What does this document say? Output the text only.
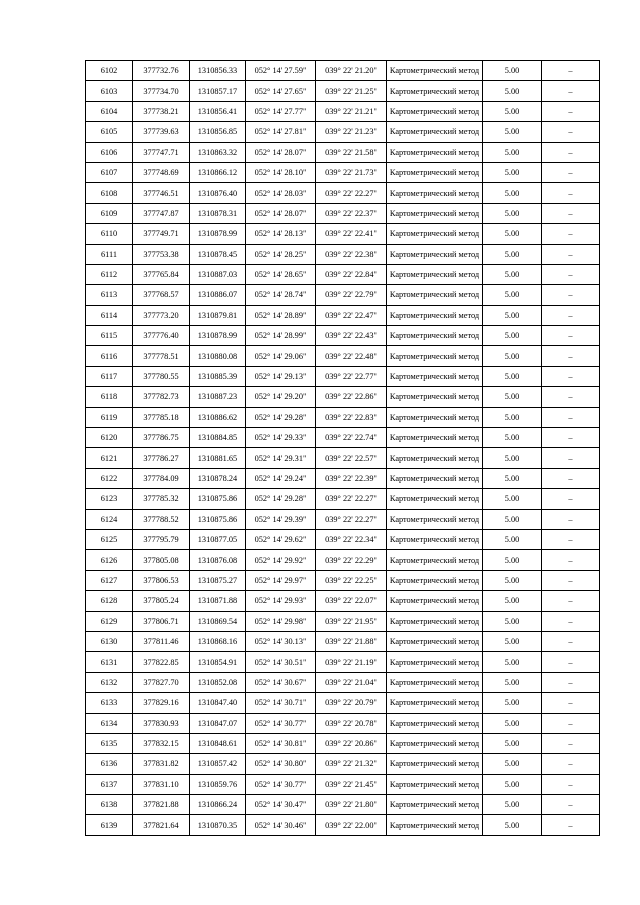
6102	377732.76	1310856.33	052° 14' 27.59"	039° 22' 21.20"	Картометрический метод	5.00	–
6103	377734.70	1310857.17	052° 14' 27.65"	039° 22' 21.25"	Картометрический метод	5.00	–
6104	377738.21	1310856.41	052° 14' 27.77"	039° 22' 21.21"	Картометрический метод	5.00	–
6105	377739.63	1310856.85	052° 14' 27.81"	039° 22' 21.23"	Картометрический метод	5.00	–
6106	377747.71	1310863.32	052° 14' 28.07"	039° 22' 21.58"	Картометрический метод	5.00	–
6107	377748.69	1310866.12	052° 14' 28.10"	039° 22' 21.73"	Картометрический метод	5.00	–
6108	377746.51	1310876.40	052° 14' 28.03"	039° 22' 22.27"	Картометрический метод	5.00	–
6109	377747.87	1310878.31	052° 14' 28.07"	039° 22' 22.37"	Картометрический метод	5.00	–
6110	377749.71	1310878.99	052° 14' 28.13"	039° 22' 22.41"	Картометрический метод	5.00	–
6111	377753.38	1310878.45	052° 14' 28.25"	039° 22' 22.38"	Картометрический метод	5.00	–
6112	377765.84	1310887.03	052° 14' 28.65"	039° 22' 22.84"	Картометрический метод	5.00	–
6113	377768.57	1310886.07	052° 14' 28.74"	039° 22' 22.79"	Картометрический метод	5.00	–
6114	377773.20	1310879.81	052° 14' 28.89"	039° 22' 22.47"	Картометрический метод	5.00	–
6115	377776.40	1310878.99	052° 14' 28.99"	039° 22' 22.43"	Картометрический метод	5.00	–
6116	377778.51	1310880.08	052° 14' 29.06"	039° 22' 22.48"	Картометрический метод	5.00	–
6117	377780.55	1310885.39	052° 14' 29.13"	039° 22' 22.77"	Картометрический метод	5.00	–
6118	377782.73	1310887.23	052° 14' 29.20"	039° 22' 22.86"	Картометрический метод	5.00	–
6119	377785.18	1310886.62	052° 14' 29.28"	039° 22' 22.83"	Картометрический метод	5.00	–
6120	377786.75	1310884.85	052° 14' 29.33"	039° 22' 22.74"	Картометрический метод	5.00	–
6121	377786.27	1310881.65	052° 14' 29.31"	039° 22' 22.57"	Картометрический метод	5.00	–
6122	377784.09	1310878.24	052° 14' 29.24"	039° 22' 22.39"	Картометрический метод	5.00	–
6123	377785.32	1310875.86	052° 14' 29.28"	039° 22' 22.27"	Картометрический метод	5.00	–
6124	377788.52	1310875.86	052° 14' 29.39"	039° 22' 22.27"	Картометрический метод	5.00	–
6125	377795.79	1310877.05	052° 14' 29.62"	039° 22' 22.34"	Картометрический метод	5.00	–
6126	377805.08	1310876.08	052° 14' 29.92"	039° 22' 22.29"	Картометрический метод	5.00	–
6127	377806.53	1310875.27	052° 14' 29.97"	039° 22' 22.25"	Картометрический метод	5.00	–
6128	377805.24	1310871.88	052° 14' 29.93"	039° 22' 22.07"	Картометрический метод	5.00	–
6129	377806.71	1310869.54	052° 14' 29.98"	039° 22' 21.95"	Картометрический метод	5.00	–
6130	377811.46	1310868.16	052° 14' 30.13"	039° 22' 21.88"	Картометрический метод	5.00	–
6131	377822.85	1310854.91	052° 14' 30.51"	039° 22' 21.19"	Картометрический метод	5.00	–
6132	377827.70	1310852.08	052° 14' 30.67"	039° 22' 21.04"	Картометрический метод	5.00	–
6133	377829.16	1310847.40	052° 14' 30.71"	039° 22' 20.79"	Картометрический метод	5.00	–
6134	377830.93	1310847.07	052° 14' 30.77"	039° 22' 20.78"	Картометрический метод	5.00	–
6135	377832.15	1310848.61	052° 14' 30.81"	039° 22' 20.86"	Картометрический метод	5.00	–
6136	377831.82	1310857.42	052° 14' 30.80"	039° 22' 21.32"	Картометрический метод	5.00	–
6137	377831.10	1310859.76	052° 14' 30.77"	039° 22' 21.45"	Картометрический метод	5.00	–
6138	377821.88	1310866.24	052° 14' 30.47"	039° 22' 21.80"	Картометрический метод	5.00	–
6139	377821.64	1310870.35	052° 14' 30.46"	039° 22' 22.00"	Картометрический метод	5.00	–
